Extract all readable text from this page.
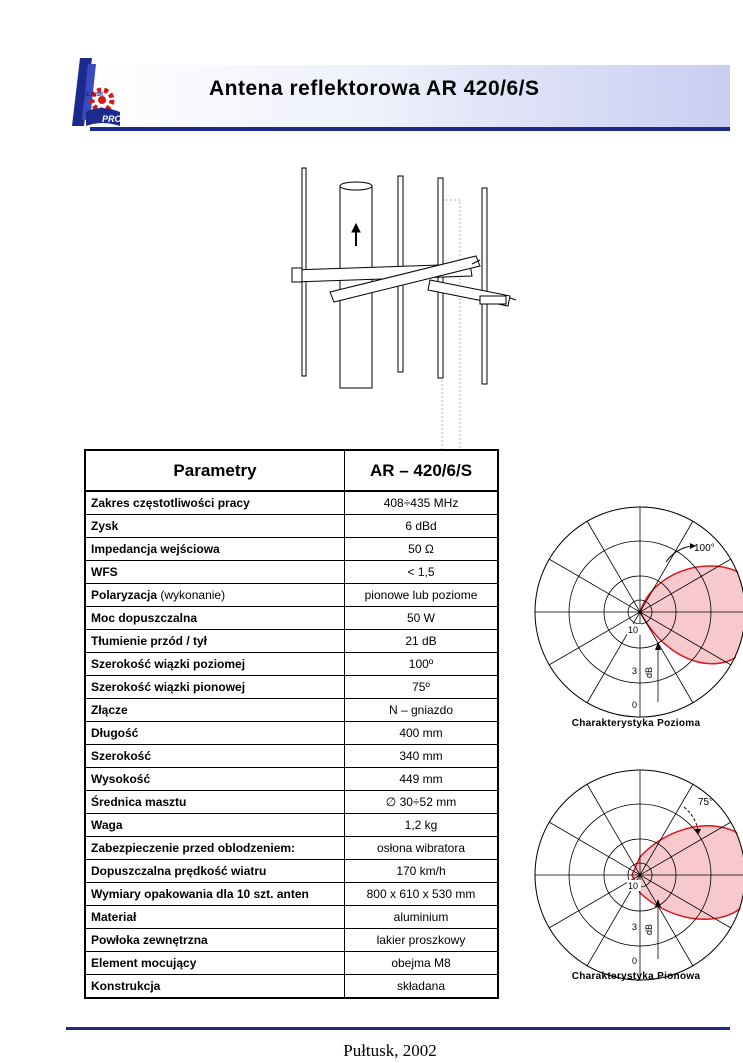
PRO
PUŁTUSK	Antena reflektorowa AR 420/6/S
Parametry	AR – 420/6/S
Zakres częstotliwości pracy	408÷435 MHz
Zysk	6 dBd
Impedancja wejściowa	50 Ω
WFS	< 1,5
Polaryzacja (wykonanie)	pionowe lub poziome
Moc dopuszczalna	50 W
Tłumienie przód / tył	21 dB
Szerokość wiązki poziomej	100º
Szerokość wiązki pionowej	75º
Złącze	N – gniazdo
Długość	400 mm
Szerokość	340 mm
Wysokość	449 mm
Średnica masztu	∅ 30÷52 mm
Waga	1,2 kg
Zabezpieczenie przed oblodzeniem:	osłona wibratora
Dopuszczalna prędkość wiatru	170 km/h
Wymiary opakowania dla 10 szt. anten	800 x 610 x 530 mm
Materiał	aluminium
Powłoka zewnętrzna	lakier proszkowy
Element mocujący	obejma M8
Konstrukcja	składana
100°
10
3
0
dB
Charakterystyka Pozioma
75°
10
3
0
dB
Charakterystyka Pionowa
Pułtusk, 2002
